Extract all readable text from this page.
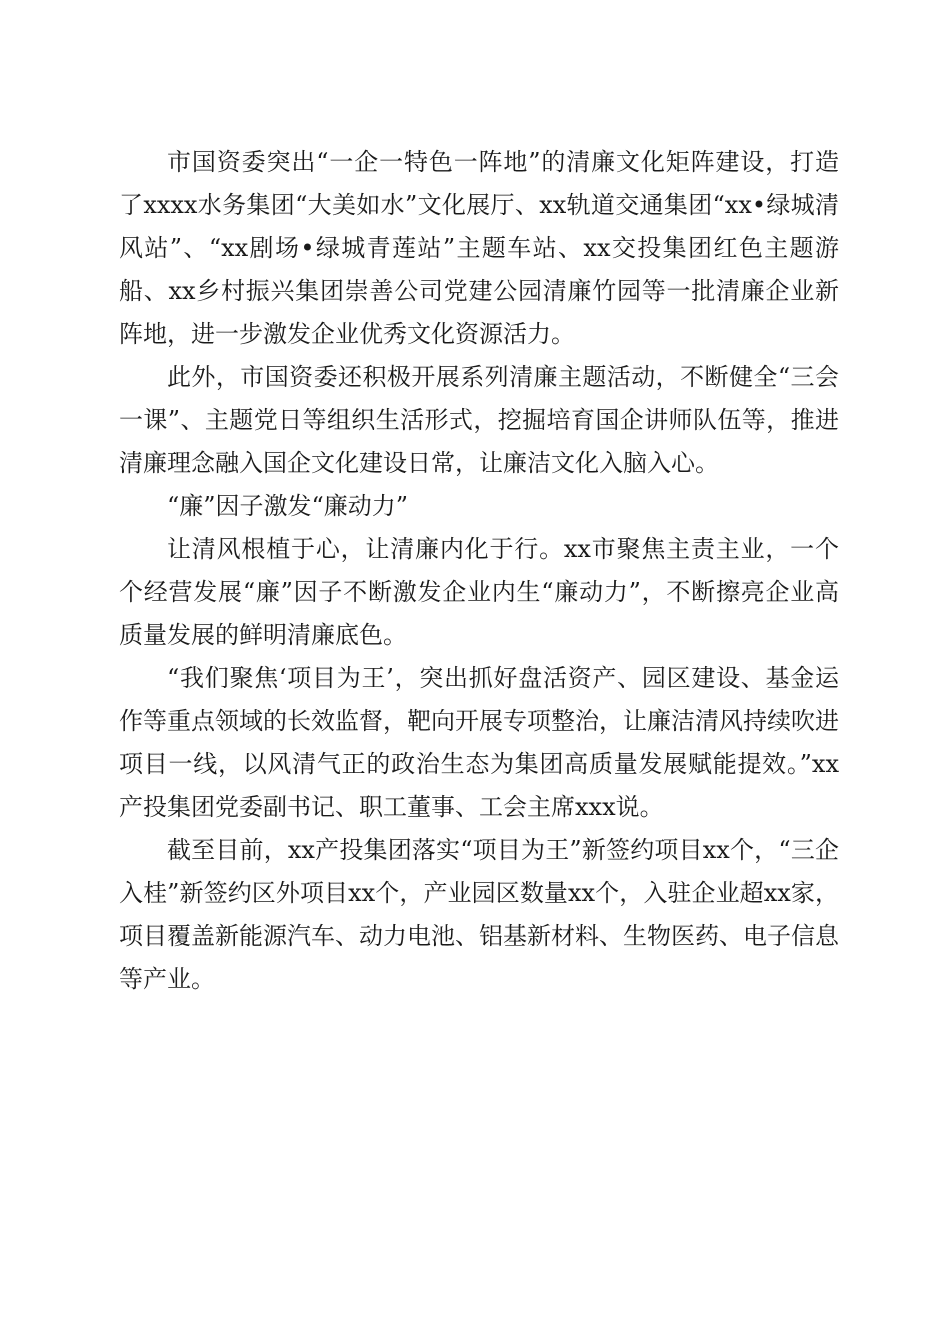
市国资委突出“一企一特色一阵地”的清廉文化矩阵建设，打造了xxxx水务集团“大美如水”文化展厅、xx轨道交通集团“xx•绿城清风站”、“xx剧场•绿城青莲站”主题车站、xx交投集团红色主题游船、xx乡村振兴集团崇善公司党建公园清廉竹园等一批清廉企业新阵地，进一步激发企业优秀文化资源活力。

此外，市国资委还积极开展系列清廉主题活动，不断健全“三会一课”、主题党日等组织生活形式，挖掘培育国企讲师队伍等，推进清廉理念融入国企文化建设日常，让廉洁文化入脑入心。

“廉”因子激发“廉动力”

让清风根植于心，让清廉内化于行。xx市聚焦主责主业，一个个经营发展“廉”因子不断激发企业内生“廉动力”，不断擦亮企业高质量发展的鲜明清廉底色。

“我们聚焦‘项目为王’，突出抓好盘活资产、园区建设、基金运作等重点领域的长效监督，靶向开展专项整治，让廉洁清风持续吹进项目一线，以风清气正的政治生态为集团高质量发展赋能提效。”xx产投集团党委副书记、职工董事、工会主席xxx说。

截至目前，xx产投集团落实“项目为王”新签约项目xx个，“三企入桂”新签约区外项目xx个，产业园区数量xx个，入驻企业超xx家，项目覆盖新能源汽车、动力电池、铝基新材料、生物医药、电子信息等产业。
